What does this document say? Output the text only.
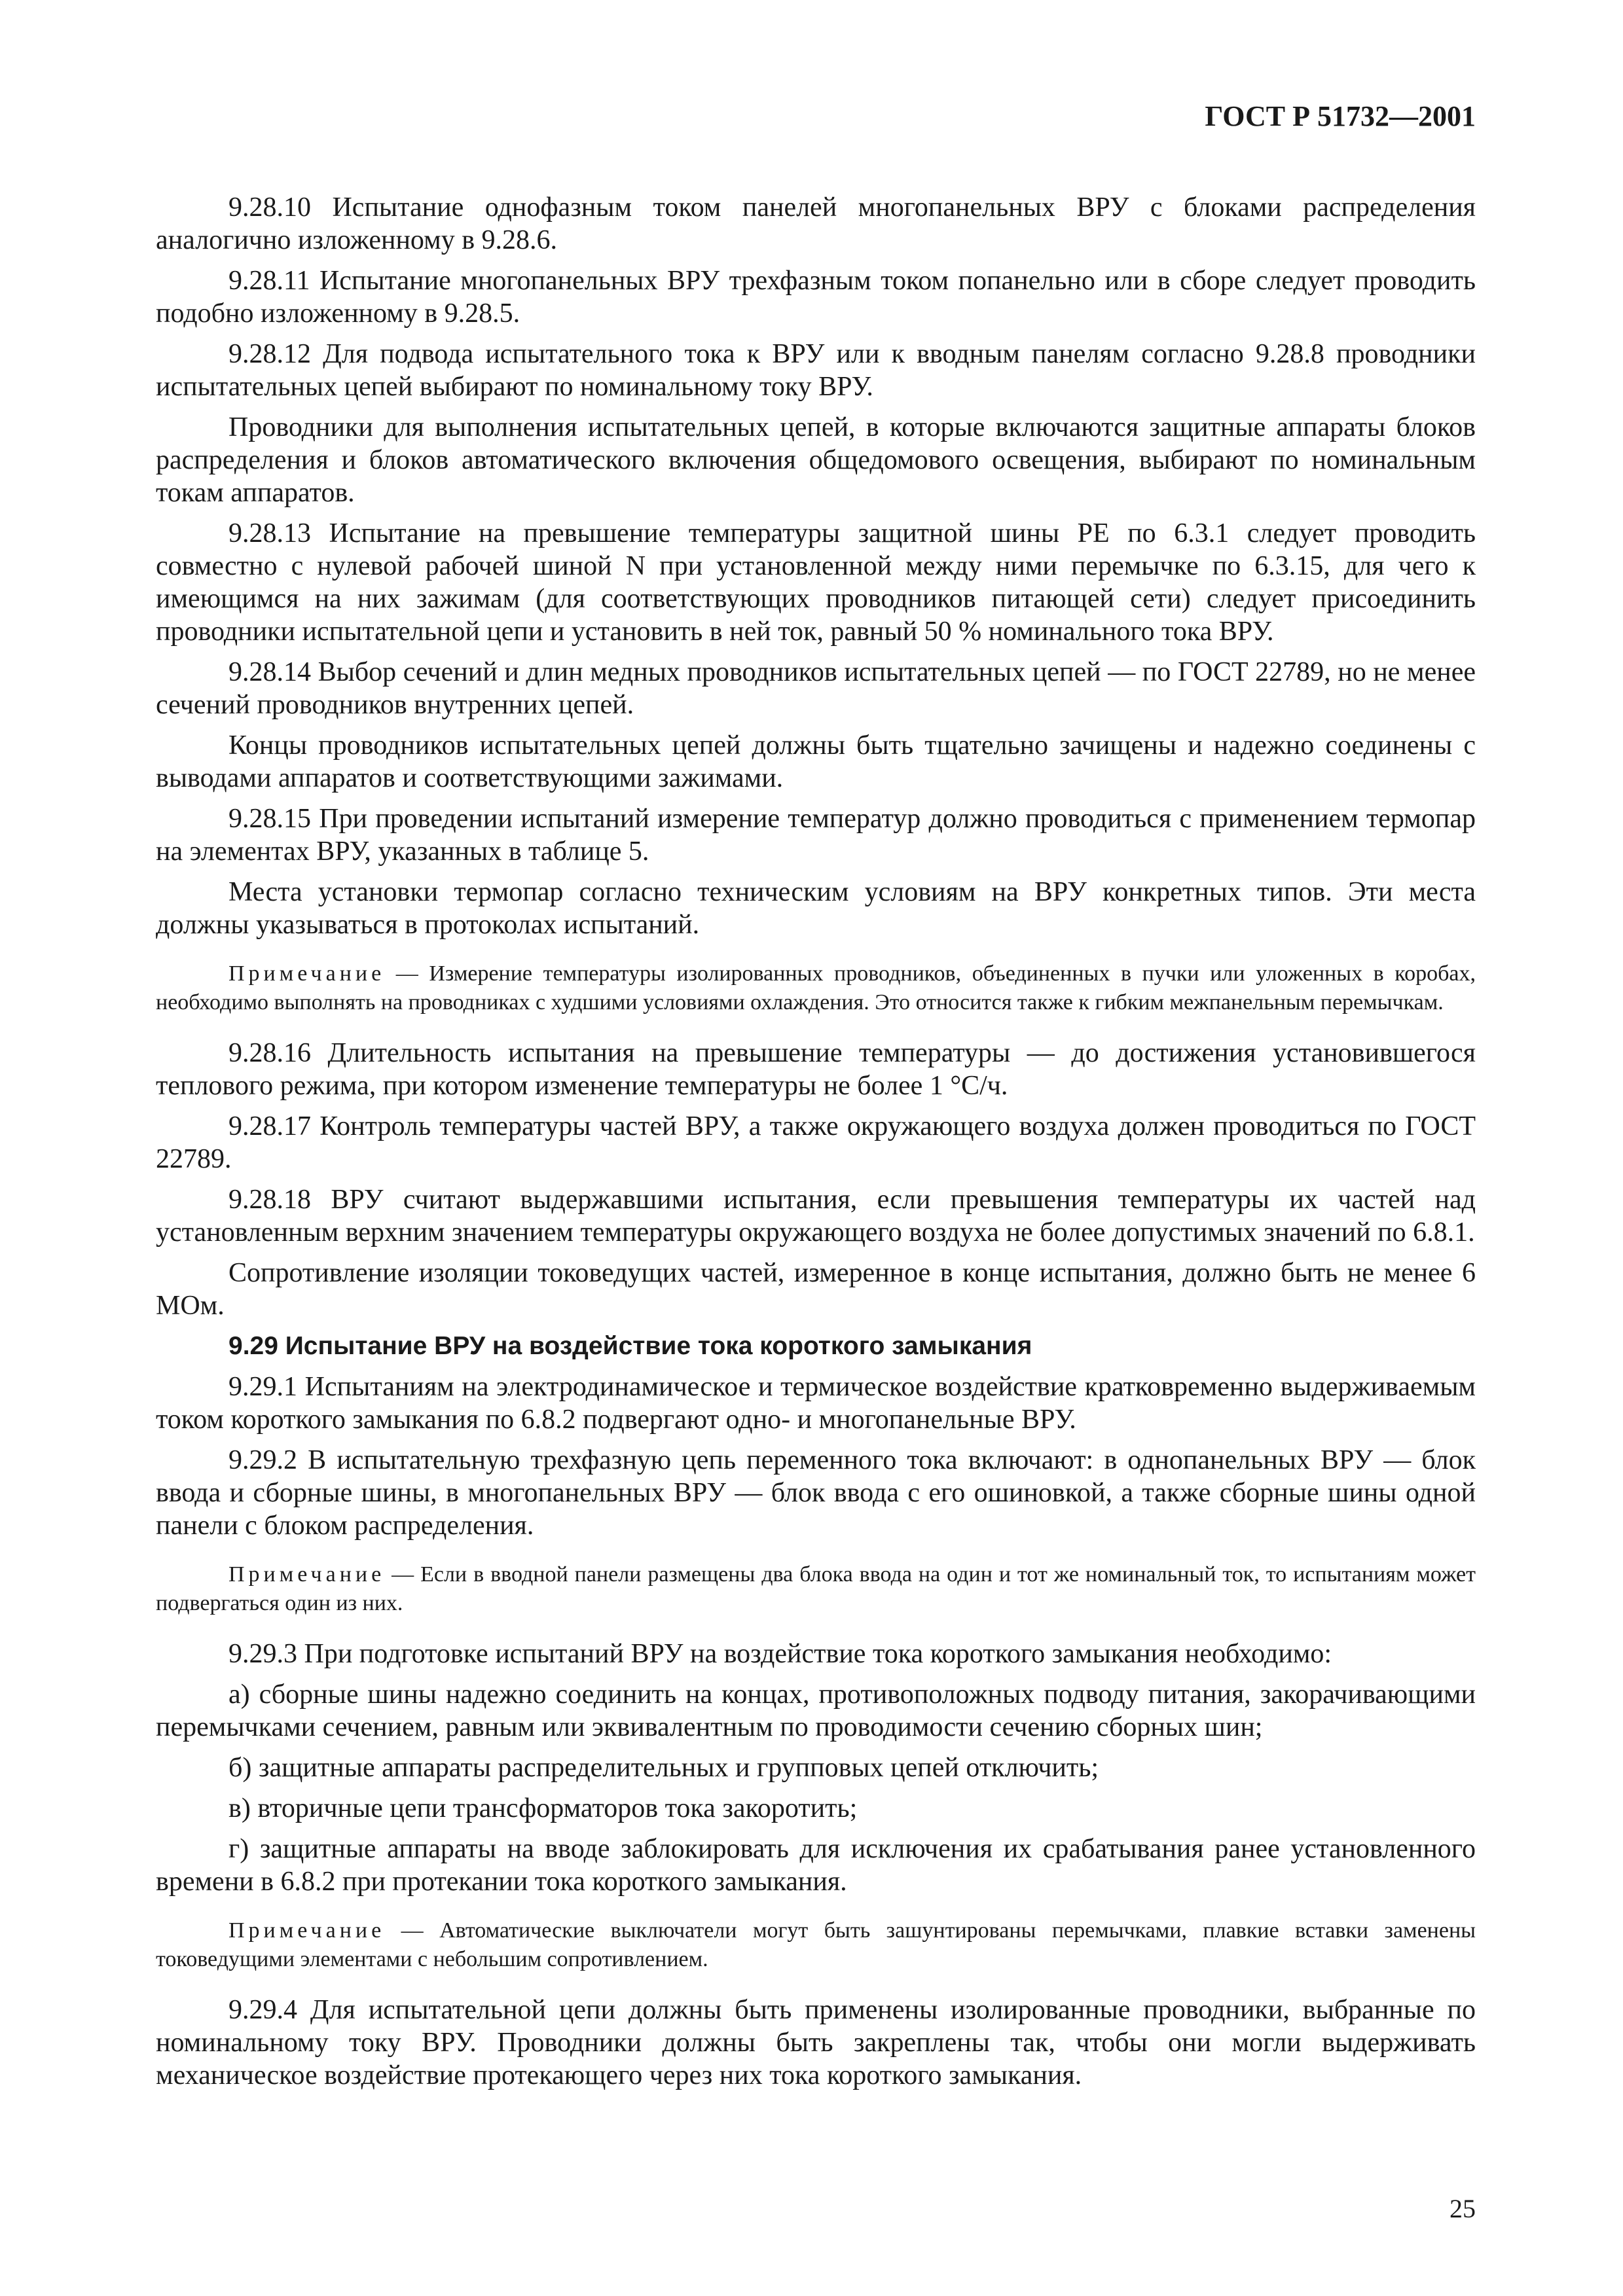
ГОСТ Р 51732—2001

9.28.10 Испытание однофазным током панелей многопанельных ВРУ с блоками распределения аналогично изложенному в 9.28.6.

9.28.11 Испытание многопанельных ВРУ трехфазным током попанельно или в сборе следует проводить подобно изложенному в 9.28.5.

9.28.12 Для подвода испытательного тока к ВРУ или к вводным панелям согласно 9.28.8 проводники испытательных цепей выбирают по номинальному току ВРУ.

Проводники для выполнения испытательных цепей, в которые включаются защитные аппараты блоков распределения и блоков автоматического включения общедомового освещения, выбирают по номинальным токам аппаратов.

9.28.13 Испытание на превышение температуры защитной шины РЕ по 6.3.1 следует проводить совместно с нулевой рабочей шиной N при установленной между ними перемычке по 6.3.15, для чего к имеющимся на них зажимам (для соответствующих проводников питающей сети) следует присоединить проводники испытательной цепи и установить в ней ток, равный 50 % номинального тока ВРУ.

9.28.14 Выбор сечений и длин медных проводников испытательных цепей — по ГОСТ 22789, но не менее сечений проводников внутренних цепей.

Концы проводников испытательных цепей должны быть тщательно зачищены и надежно соединены с выводами аппаратов и соответствующими зажимами.

9.28.15 При проведении испытаний измерение температур должно проводиться с применением термопар на элементах ВРУ, указанных в таблице 5.

Места установки термопар согласно техническим условиям на ВРУ конкретных типов. Эти места должны указываться в протоколах испытаний.

Примечание — Измерение температуры изолированных проводников, объединенных в пучки или уложенных в коробах, необходимо выполнять на проводниках с худшими условиями охлаждения. Это относится также к гибким межпанельным перемычкам.

9.28.16 Длительность испытания на превышение температуры — до достижения установившегося теплового режима, при котором изменение температуры не более 1 °С/ч.

9.28.17 Контроль температуры частей ВРУ, а также окружающего воздуха должен проводиться по ГОСТ 22789.

9.28.18 ВРУ считают выдержавшими испытания, если превышения температуры их частей над установленным верхним значением температуры окружающего воздуха не более допустимых значений по 6.8.1.

Сопротивление изоляции токоведущих частей, измеренное в конце испытания, должно быть не менее 6 МОм.

9.29 Испытание ВРУ на воздействие тока короткого замыкания

9.29.1 Испытаниям на электродинамическое и термическое воздействие кратковременно выдерживаемым током короткого замыкания по 6.8.2 подвергают одно- и многопанельные ВРУ.

9.29.2 В испытательную трехфазную цепь переменного тока включают: в однопанельных ВРУ — блок ввода и сборные шины, в многопанельных ВРУ — блок ввода с его ошиновкой, а также сборные шины одной панели с блоком распределения.

Примечание — Если в вводной панели размещены два блока ввода на один и тот же номинальный ток, то испытаниям может подвергаться один из них.

9.29.3 При подготовке испытаний ВРУ на воздействие тока короткого замыкания необходимо:

а) сборные шины надежно соединить на концах, противоположных подводу питания, закорачивающими перемычками сечением, равным или эквивалентным по проводимости сечению сборных шин;

б) защитные аппараты распределительных и групповых цепей отключить;

в) вторичные цепи трансформаторов тока закоротить;

г) защитные аппараты на вводе заблокировать для исключения их срабатывания ранее установленного времени в 6.8.2 при протекании тока короткого замыкания.

Примечание — Автоматические выключатели могут быть зашунтированы перемычками, плавкие вставки заменены токоведущими элементами с небольшим сопротивлением.

9.29.4 Для испытательной цепи должны быть применены изолированные проводники, выбранные по номинальному току ВРУ. Проводники должны быть закреплены так, чтобы они могли выдерживать механическое воздействие протекающего через них тока короткого замыкания.

25
